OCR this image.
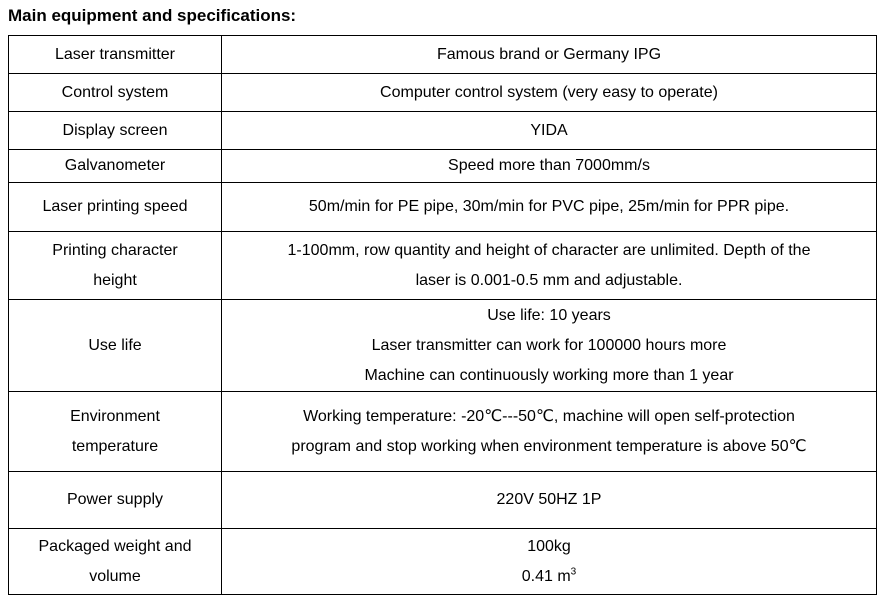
Main equipment and specifications:
Laser transmitter	Famous brand or Germany IPG

Control system	Computer control system (very easy to operate)

Display screen	YIDA

Galvanometer	Speed more than 7000mm/s

Laser printing speed	50m/min for PE pipe, 30m/min for PVC pipe, 25m/min for PPR pipe.

Printing character
height	1-100mm, row quantity and height of character are unlimited. Depth of the
laser is 0.001-0.5 mm and adjustable.

Use life	Use life: 10 years
Laser transmitter can work for 100000 hours more
Machine can continuously working more than 1 year

Environment
temperature	Working temperature: -20℃---50℃, machine will open self-protection
program and stop working when environment temperature is above 50℃

Power supply	220V 50HZ 1P

Packaged weight and
volume	100kg
0.41 $m^3$
